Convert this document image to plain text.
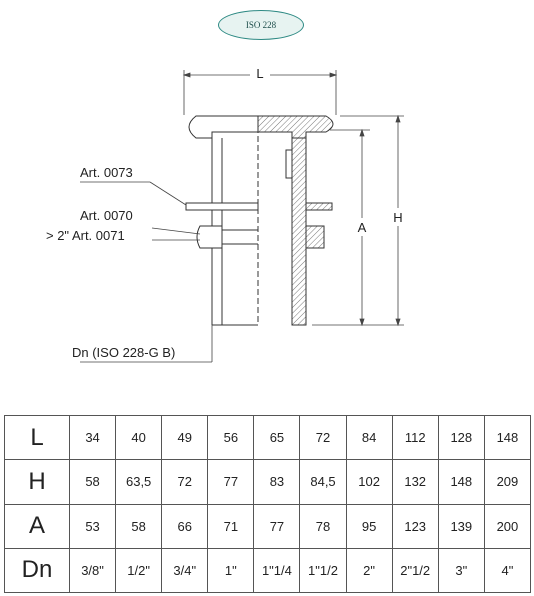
ISO 228
L
Art. 0073
Art. 0070
> 2" Art. 0071
Dn (ISO 228-G B)
A
H
L	34	40	49	56	65	72	84	112	128	148
H	58	63,5	72	77	83	84,5	102	132	148	209
A	53	58	66	71	77	78	95	123	139	200
Dn	3/8"	1/2"	3/4"	1"	1"1/4	1"1/2	2"	2"1/2	3"	4"
